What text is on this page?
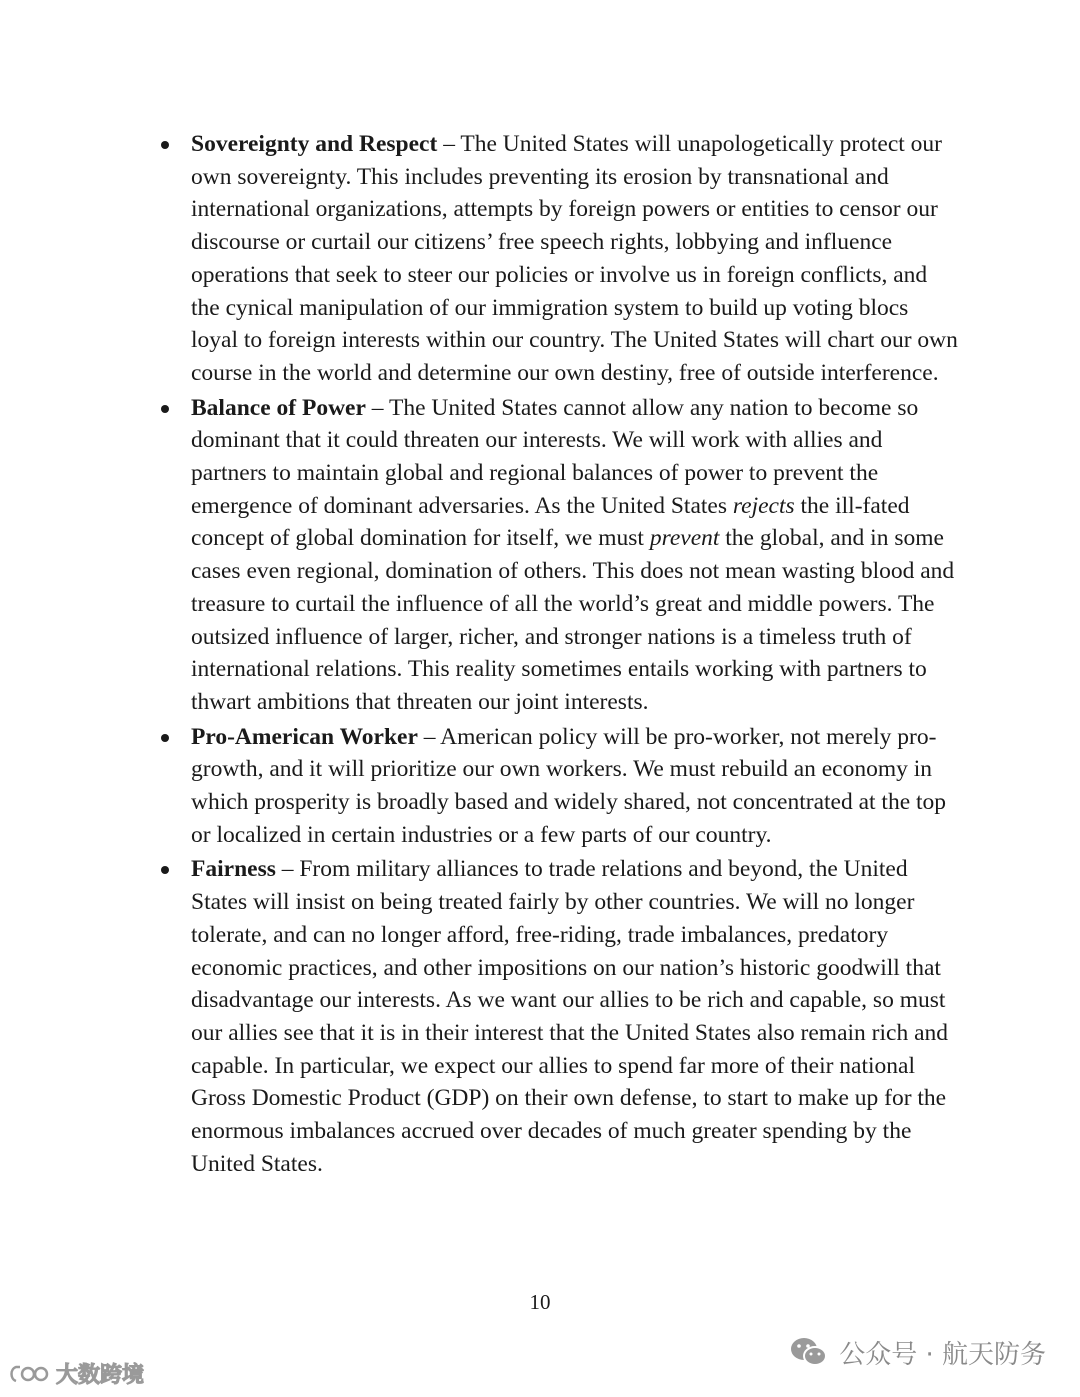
Sovereignty and Respect – The United States will unapologetically protect our own sovereignty. This includes preventing its erosion by transnational and international organizations, attempts by foreign powers or entities to censor our discourse or curtail our citizens’ free speech rights, lobbying and influence operations that seek to steer our policies or involve us in foreign conflicts, and the cynical manipulation of our immigration system to build up voting blocs loyal to foreign interests within our country. The United States will chart our own course in the world and determine our own destiny, free of outside interference.
Balance of Power – The United States cannot allow any nation to become so dominant that it could threaten our interests. We will work with allies and partners to maintain global and regional balances of power to prevent the emergence of dominant adversaries. As the United States rejects the ill-fated concept of global domination for itself, we must prevent the global, and in some cases even regional, domination of others. This does not mean wasting blood and treasure to curtail the influence of all the world’s great and middle powers. The outsized influence of larger, richer, and stronger nations is a timeless truth of international relations. This reality sometimes entails working with partners to thwart ambitions that threaten our joint interests.
Pro-American Worker – American policy will be pro-worker, not merely pro-growth, and it will prioritize our own workers. We must rebuild an economy in which prosperity is broadly based and widely shared, not concentrated at the top or localized in certain industries or a few parts of our country.
Fairness – From military alliances to trade relations and beyond, the United States will insist on being treated fairly by other countries. We will no longer tolerate, and can no longer afford, free-riding, trade imbalances, predatory economic practices, and other impositions on our nation’s historic goodwill that disadvantage our interests. As we want our allies to be rich and capable, so must our allies see that it is in their interest that the United States also remain rich and capable. In particular, we expect our allies to spend far more of their national Gross Domestic Product (GDP) on their own defense, to start to make up for the enormous imbalances accrued over decades of much greater spending by the United States.
10
大数跨境
公众号 · 航天防务
